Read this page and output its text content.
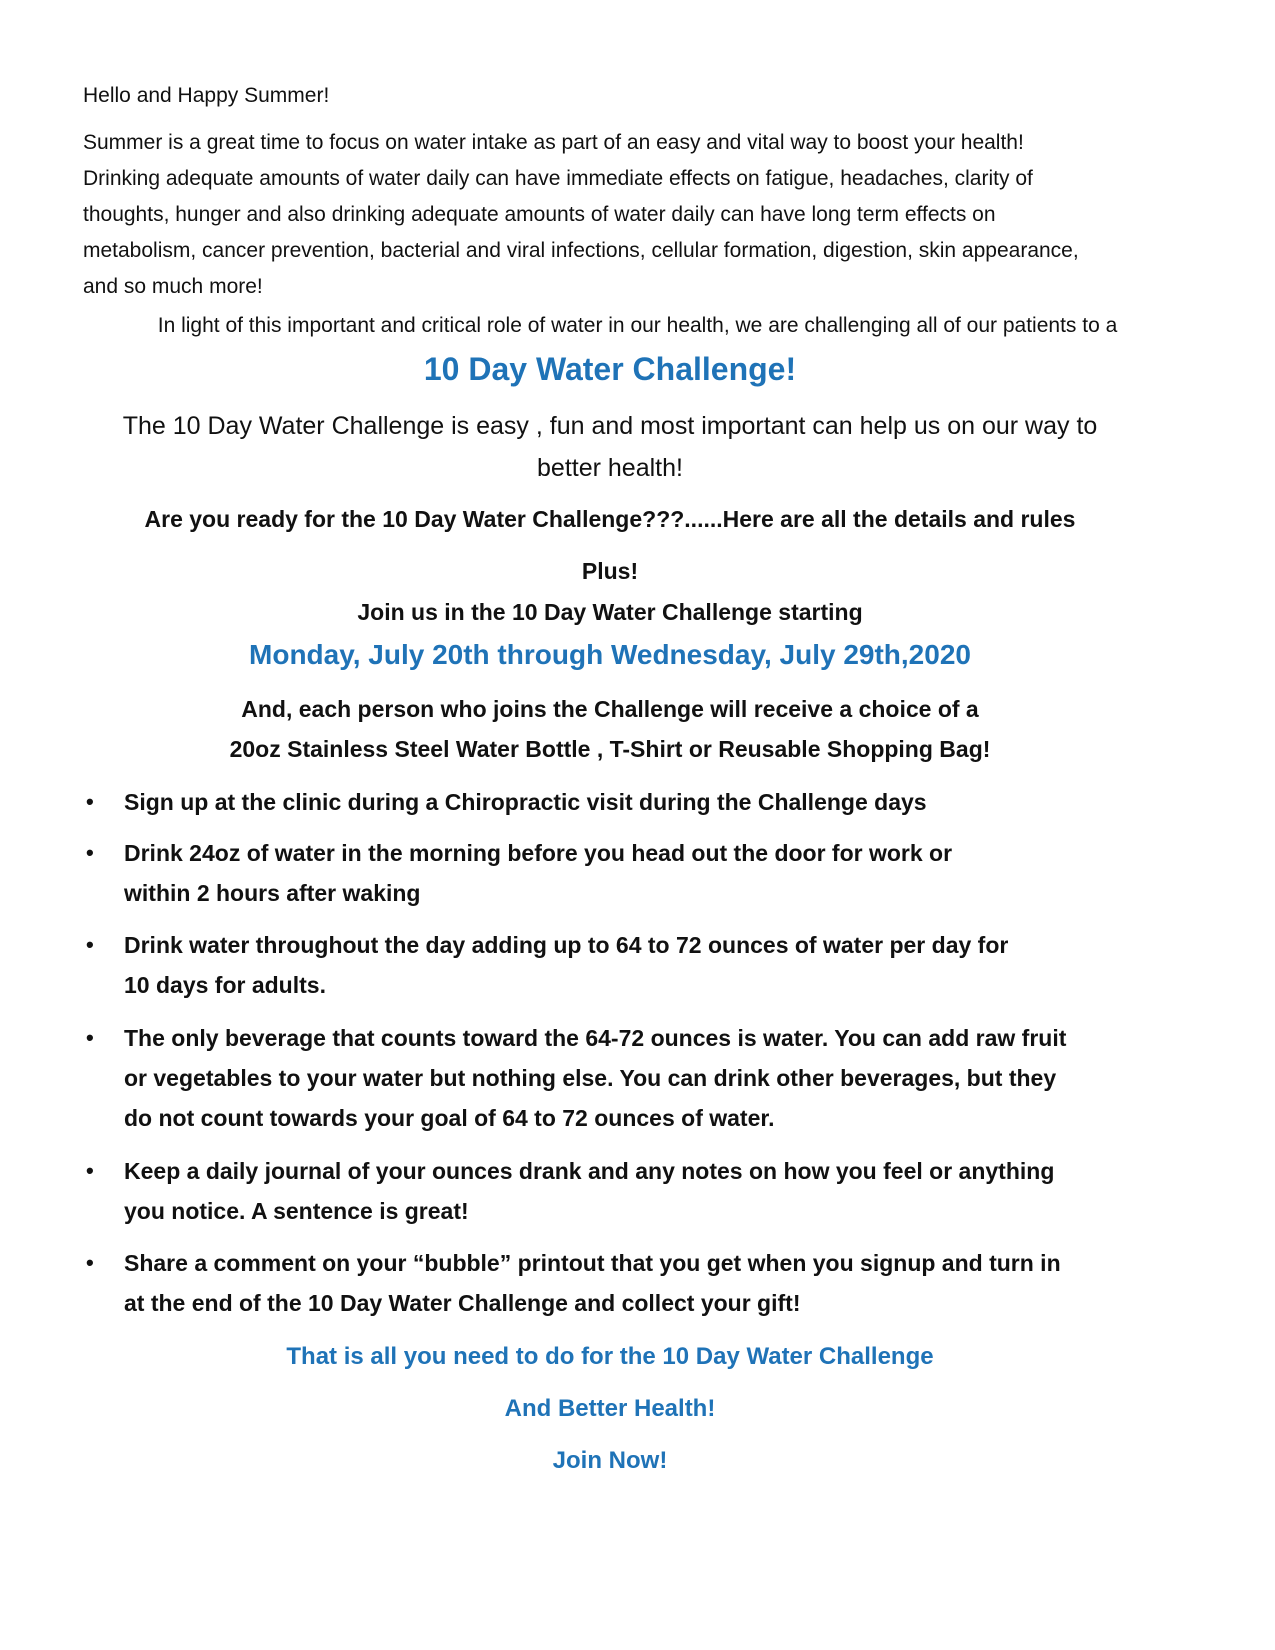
Hello and Happy Summer!

Summer is a great time to focus on water intake as part of an easy and vital way to boost your health!
Drinking adequate amounts of water daily can have immediate effects on fatigue, headaches, clarity of
thoughts, hunger and also drinking adequate amounts of water daily can have long term effects on
metabolism, cancer prevention, bacterial and viral infections, cellular formation, digestion, skin appearance,
and so much more!

In light of this important and critical role of water in our health, we are challenging all of our patients to a

10 Day Water Challenge!
The 10 Day Water Challenge is easy , fun and most important can help us on our way to
better health!

Are you ready for the 10 Day Water Challenge???......Here are all the details and rules

Plus!

Join us in the 10 Day Water Challenge starting

Monday, July 20th through Wednesday, July 29th,2020

And, each person who joins the Challenge will receive a choice of a
20oz Stainless Steel Water Bottle , T-Shirt or Reusable Shopping Bag!
•	Sign up at the clinic during a Chiropractic visit during the Challenge days
•	Drink 24oz of water in the morning before you head out the door for work or
within 2 hours after waking
•	Drink water throughout the day adding up to 64 to 72 ounces of water per day for
10 days for adults.
•	The only beverage that counts toward the 64-72 ounces is water. You can add raw fruit
or vegetables to your water but nothing else. You can drink other beverages, but they
do not count towards your goal of 64 to 72 ounces of water.
•	Keep a daily journal of your ounces drank and any notes on how you feel or anything
you notice. A sentence is great!
•	Share a comment on your “bubble” printout that you get when you signup and turn in
at the end of the 10 Day Water Challenge and collect your gift!

That is all you need to do for the 10 Day Water Challenge

And Better Health!

Join Now!
